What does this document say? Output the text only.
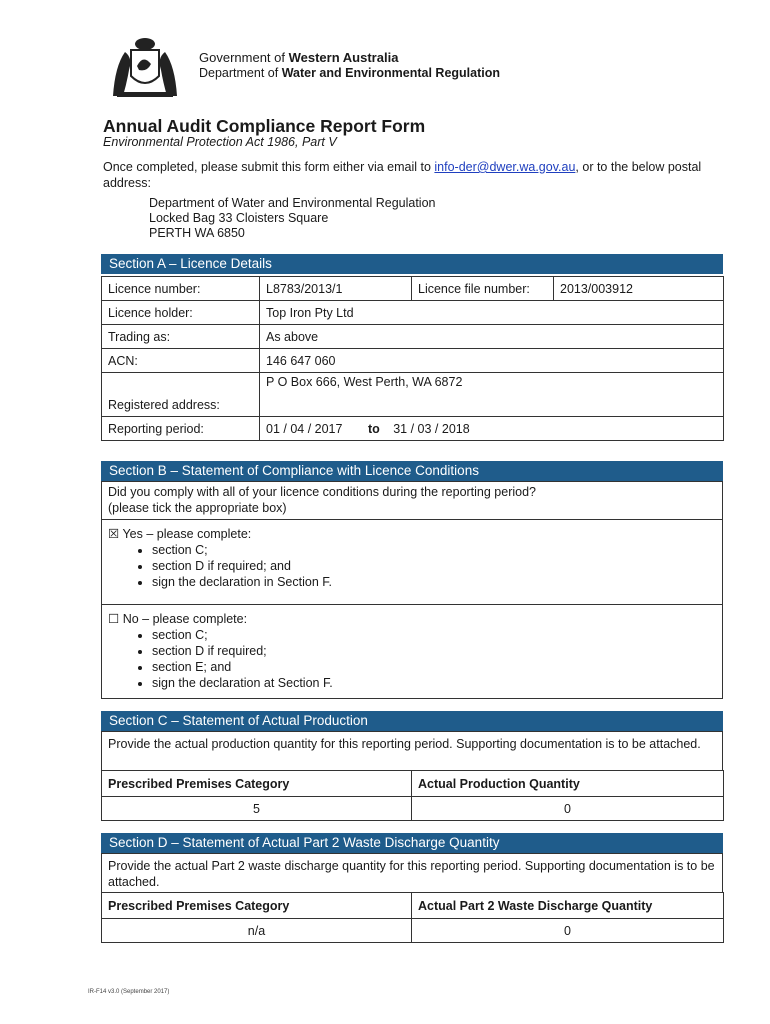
Government of Western Australia
Department of Water and Environmental Regulation
Annual Audit Compliance Report Form
Environmental Protection Act 1986, Part V
Once completed, please submit this form either via email to info-der@dwer.wa.gov.au, or to the below postal address:
Department of Water and Environmental Regulation
Locked Bag 33 Cloisters Square
PERTH WA 6850
Section A – Licence Details
Licence number:	L8783/2013/1	Licence file number:	2013/003912
Licence holder:	Top Iron Pty Ltd		
Trading as:	As above		
ACN:	146 647 060		
Registered address:	P O Box 666, West Perth, WA 6872		
Reporting period:	01 / 04 / 2017 to 31 / 03 / 2018		
Section B – Statement of Compliance with Licence Conditions
Did you comply with all of your licence conditions during the reporting period?
(please tick the appropriate box)
☒ Yes – please complete:
• section C;
• section D if required; and
• sign the declaration in Section F.
☐ No – please complete:
• section C;
• section D if required;
• section E; and
• sign the declaration at Section F.
Section C – Statement of Actual Production
Provide the actual production quantity for this reporting period. Supporting documentation is to be attached.
Prescribed Premises Category	Actual Production Quantity
5	0
Section D – Statement of Actual Part 2 Waste Discharge Quantity
Provide the actual Part 2 waste discharge quantity for this reporting period. Supporting documentation is to be attached.
Prescribed Premises Category	Actual Part 2 Waste Discharge Quantity
n/a	0
IR-F14 v3.0 (September 2017)
